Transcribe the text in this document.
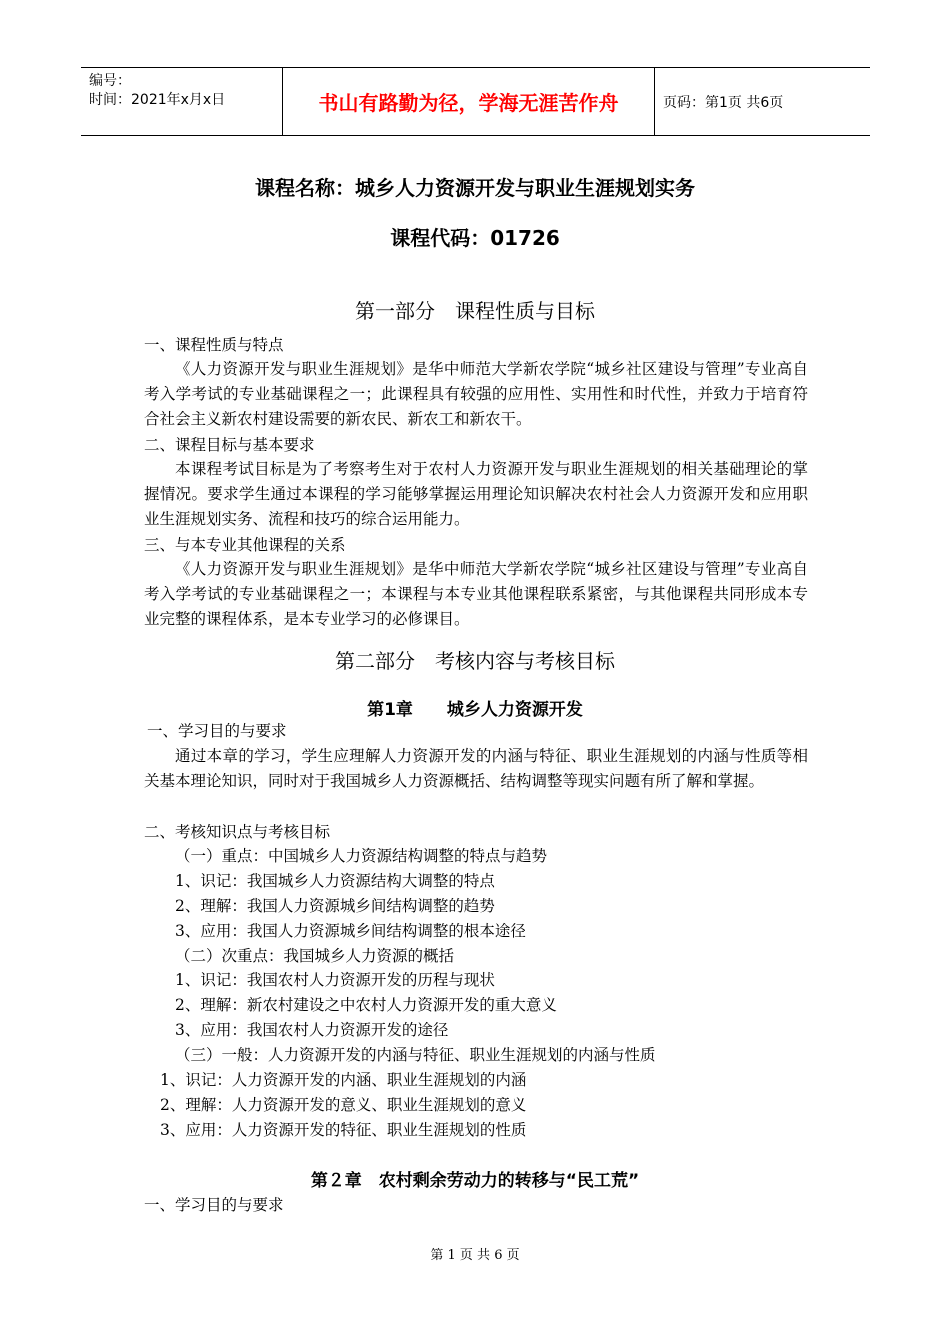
编号：
时间：2021年x月x日	书山有路勤为径，学海无涯苦作舟	页码：第1页 共6页
课程名称：城乡人力资源开发与职业生涯规划实务
课程代码：01726
第一部分　课程性质与目标
一、课程性质与特点
《人力资源开发与职业生涯规划》是华中师范大学新农学院“城乡社区建设与管理”专业高自考入学考试的专业基础课程之一；此课程具有较强的应用性、实用性和时代性，并致力于培育符合社会主义新农村建设需要的新农民、新农工和新农干。
二、课程目标与基本要求
本课程考试目标是为了考察考生对于农村人力资源开发与职业生涯规划的相关基础理论的掌握情况。要求学生通过本课程的学习能够掌握运用理论知识解决农村社会人力资源开发和应用职业生涯规划实务、流程和技巧的综合运用能力。
三、与本专业其他课程的关系
《人力资源开发与职业生涯规划》是华中师范大学新农学院“城乡社区建设与管理”专业高自考入学考试的专业基础课程之一；本课程与本专业其他课程联系紧密，与其他课程共同形成本专业完整的课程体系，是本专业学习的必修课目。
第二部分　考核内容与考核目标
第1章　　城乡人力资源开发
一、学习目的与要求
通过本章的学习，学生应理解人力资源开发的内涵与特征、职业生涯规划的内涵与性质等相关基本理论知识，同时对于我国城乡人力资源概括、结构调整等现实问题有所了解和掌握。
二、考核知识点与考核目标
（一）重点：中国城乡人力资源结构调整的特点与趋势
1、识记：我国城乡人力资源结构大调整的特点
2、理解：我国人力资源城乡间结构调整的趋势
3、应用：我国人力资源城乡间结构调整的根本途径
（二）次重点：我国城乡人力资源的概括
1、识记：我国农村人力资源开发的历程与现状
2、理解：新农村建设之中农村人力资源开发的重大意义
3、应用：我国农村人力资源开发的途径
（三）一般：人力资源开发的内涵与特征、职业生涯规划的内涵与性质
1、识记：人力资源开发的内涵、职业生涯规划的内涵
2、理解：人力资源开发的意义、职业生涯规划的意义
3、应用：人力资源开发的特征、职业生涯规划的性质
第２章　农村剩余劳动力的转移与“民工荒”
一、学习目的与要求
第 1 页 共 6 页
